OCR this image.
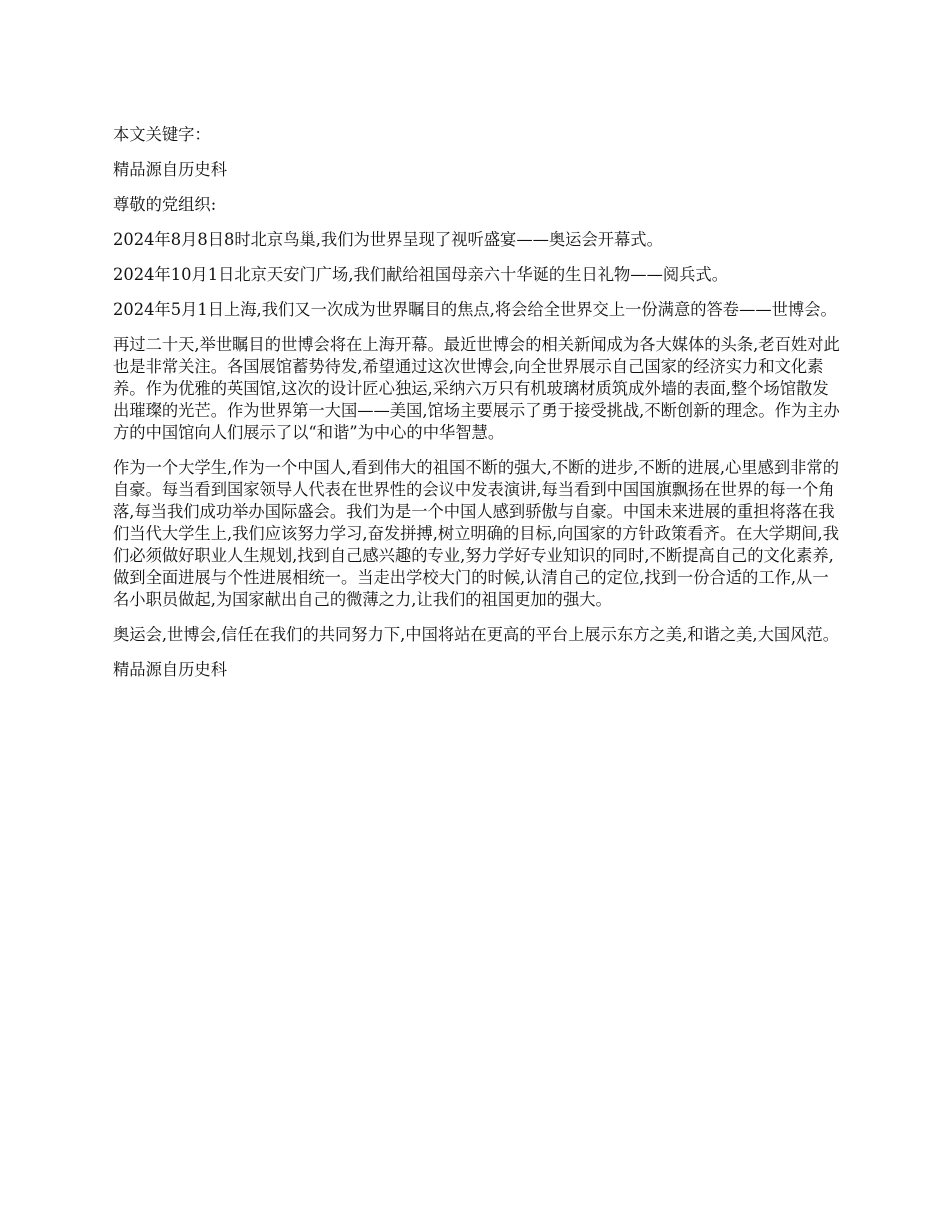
本文关键字：

精品源自历史科

尊敬的党组织:

2024年8月8日8时北京鸟巢,我们为世界呈现了视听盛宴——奥运会开幕式。

2024年10月1日北京天安门广场,我们献给祖国母亲六十华诞的生日礼物——阅兵式。

2024年5月1日上海,我们又一次成为世界瞩目的焦点,将会给全世界交上一份满意的答卷——世博会。

再过二十天,举世瞩目的世博会将在上海开幕。最近世博会的相关新闻成为各大媒体的头条,老百姓对此也是非常关注。各国展馆蓄势待发,希望通过这次世博会,向全世界展示自己国家的经济实力和文化素养。作为优雅的英国馆,这次的设计匠心独运,采纳六万只有机玻璃材质筑成外墙的表面,整个场馆散发出璀璨的光芒。作为世界第一大国——美国,馆场主要展示了勇于接受挑战,不断创新的理念。作为主办方的中国馆向人们展示了以“和谐”为中心的中华智慧。

作为一个大学生,作为一个中国人,看到伟大的祖国不断的强大,不断的进步,不断的进展,心里感到非常的自豪。每当看到国家领导人代表在世界性的会议中发表演讲,每当看到中国国旗飘扬在世界的每一个角落,每当我们成功举办国际盛会。我们为是一个中国人感到骄傲与自豪。中国未来进展的重担将落在我们当代大学生上,我们应该努力学习,奋发拼搏,树立明确的目标,向国家的方针政策看齐。在大学期间,我们必须做好职业人生规划,找到自己感兴趣的专业,努力学好专业知识的同时,不断提高自己的文化素养,做到全面进展与个性进展相统一。当走出学校大门的时候,认清自己的定位,找到一份合适的工作,从一名小职员做起,为国家献出自己的微薄之力,让我们的祖国更加的强大。

奥运会,世博会,信任在我们的共同努力下,中国将站在更高的平台上展示东方之美,和谐之美,大国风范。

精品源自历史科
